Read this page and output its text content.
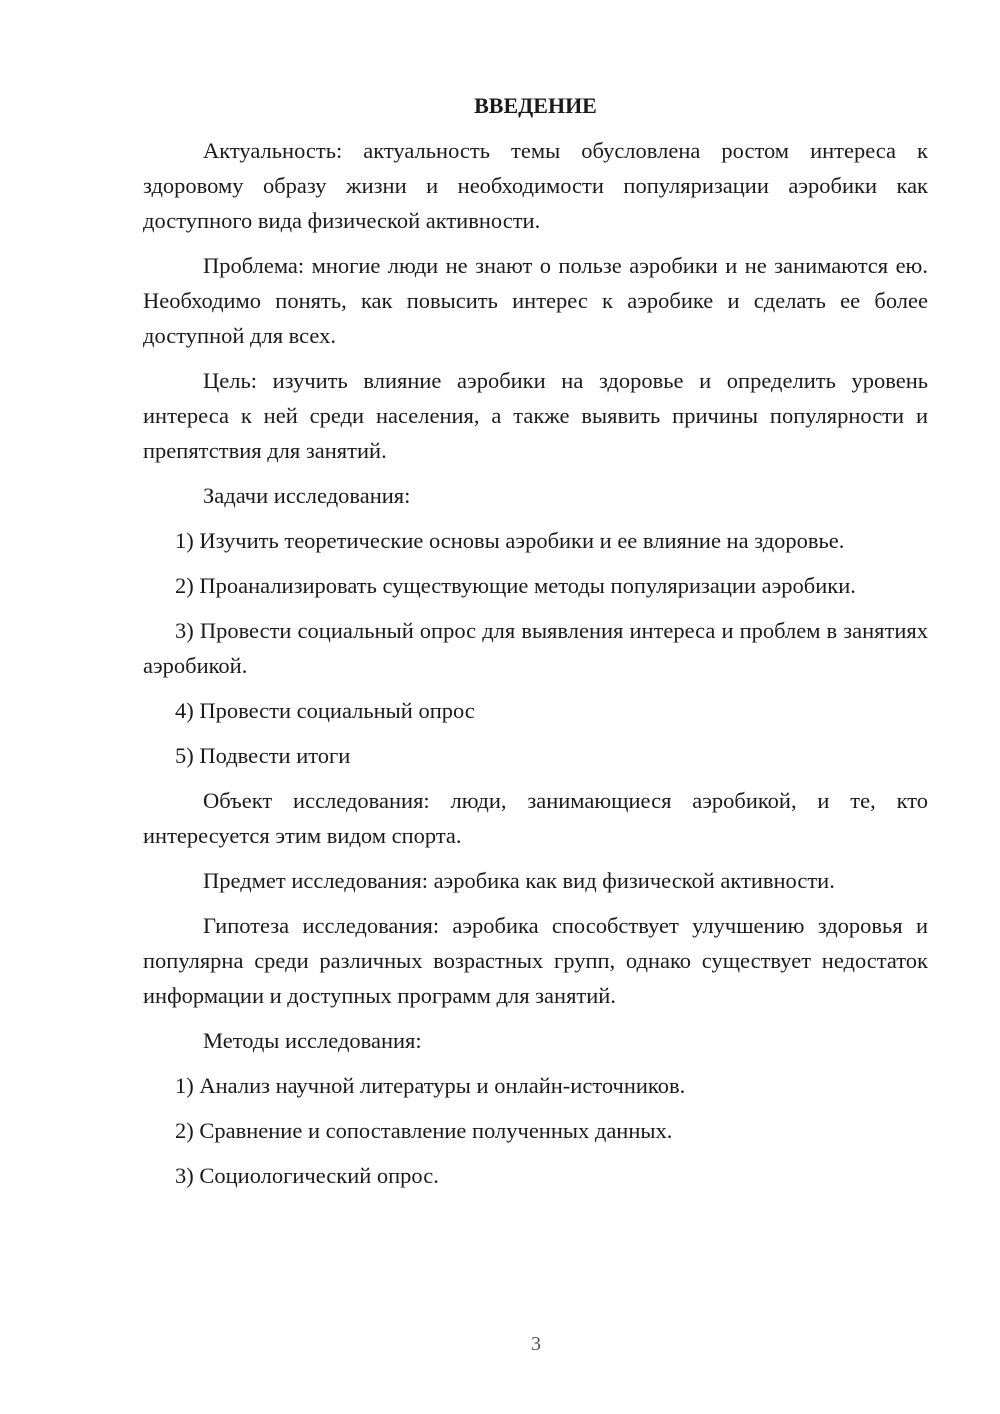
ВВЕДЕНИЕ

Актуальность: актуальность темы обусловлена ростом интереса к здоровому образу жизни и необходимости популяризации аэробики как доступного вида физической активности.

Проблема: многие люди не знают о пользе аэробики и не занимаются ею. Необходимо понять, как повысить интерес к аэробике и сделать ее более доступной для всех.

Цель: изучить влияние аэробики на здоровье и определить уровень интереса к ней среди населения, а также выявить причины популярности и препятствия для занятий.

Задачи исследования:

1) Изучить теоретические основы аэробики и ее влияние на здоровье.

2) Проанализировать существующие методы популяризации аэробики.

3) Провести социальный опрос для выявления интереса и проблем в занятиях аэробикой.

4) Провести социальный опрос

5) Подвести итоги

Объект исследования: люди, занимающиеся аэробикой, и те, кто интересуется этим видом спорта.

Предмет исследования: аэробика как вид физической активности.

Гипотеза исследования: аэробика способствует улучшению здоровья и популярна среди различных возрастных групп, однако существует недостаток информации и доступных программ для занятий.

Методы исследования:

1) Анализ научной литературы и онлайн-источников.

2) Сравнение и сопоставление полученных данных.

3) Социологический опрос.

3
